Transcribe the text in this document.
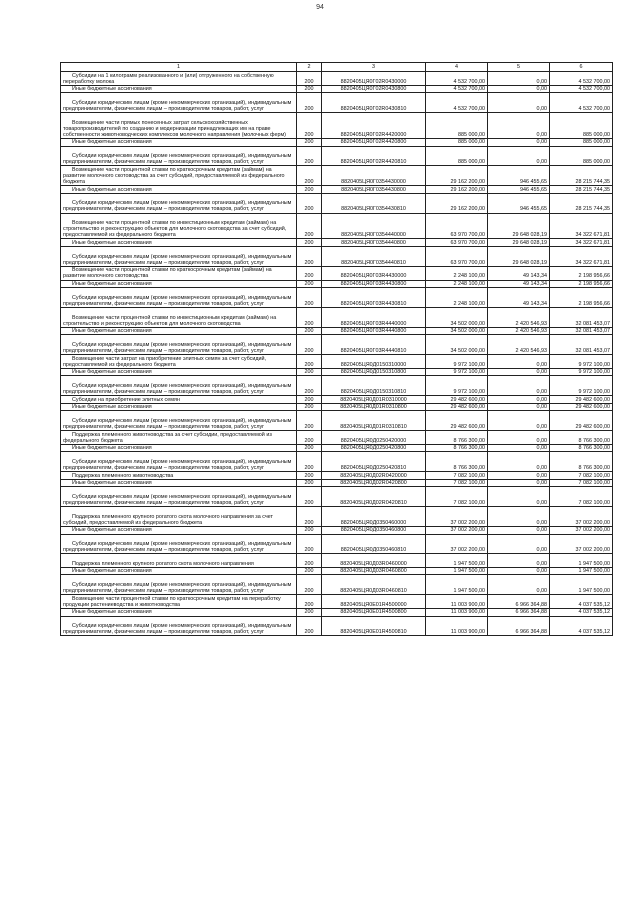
94
1	2	3	4	5	6
Субсидии на 1 килограмм реализованного и (или) отгруженного на собственную переработку молока	200	8820405ЦЯ0Г02R0430000	4 532 700,00	0,00	4 532 700,00
Иные бюджетные ассигнования	200	8820405ЦЯ0Г02R0430800	4 532 700,00	0,00	4 532 700,00
Субсидии юридическим лицам (кроме некоммерческих организаций), индивидуальным предпринимателям, физическим лицам – производителям товаров, работ, услуг	200	8820405ЦЯ0Г02R0430810	4 532 700,00	0,00	4 532 700,00
Возмещение части прямых понесенных затрат сельскохозяйственных товаропроизводителей по созданию и модернизации принадлежащих им на праве собственности животноводческих комплексов молочного направления (молочных ферм)	200	8820405ЦЯ0Г02R4420000	885 000,00	0,00	885 000,00
Иные бюджетные ассигнования	200	8820405ЦЯ0Г02R4420800	885 000,00	0,00	885 000,00
Субсидии юридическим лицам (кроме некоммерческих организаций), индивидуальным предпринимателям, физическим лицам – производителям товаров, работ, услуг	200	8820405ЦЯ0Г02R4420810	885 000,00	0,00	885 000,00
Возмещение части процентной ставки по краткосрочным кредитам (займам) на развитие молочного скотоводства за счет субсидий, предоставляемой из федерального бюджета	200	8820405ЦЯ0Г0354430000	29 162 200,00	946 455,65	28 215 744,35
Иные бюджетные ассигнования	200	8820405ЦЯ0Г0354430800	29 162 200,00	946 455,65	28 215 744,35
Субсидии юридическим лицам (кроме некоммерческих организаций), индивидуальным предпринимателям, физическим лицам – производителям товаров, работ, услуг	200	8820405ЦЯ0Г0354430810	29 162 200,00	946 455,65	28 215 744,35
Возмещение части процентной ставки по инвестиционным кредитам (займам) на строительство и реконструкцию объектов для молочного скотоводства за счет субсидий, предоставляемой из федерального бюджета	200	8820405ЦЯ0Г0354440000	63 970 700,00	29 648 028,19	34 322 671,81
Иные бюджетные ассигнования	200	8820405ЦЯ0Г0354440800	63 970 700,00	29 648 028,19	34 322 671,81
Субсидии юридическим лицам (кроме некоммерческих организаций), индивидуальным предпринимателям, физическим лицам – производителям товаров, работ, услуг	200	8820405ЦЯ0Г0354440810	63 970 700,00	29 648 028,19	34 322 671,81
Возмещение части процентной ставки по краткосрочным кредитам (займам) на развитие молочного скотоводства	200	8820405ЦЯ0Г03R4430000	2 248 100,00	49 143,34	2 198 956,66
Иные бюджетные ассигнования	200	8820405ЦЯ0Г03R4430800	2 248 100,00	49 143,34	2 198 956,66
Субсидии юридическим лицам (кроме некоммерческих организаций), индивидуальным предпринимателям, физическим лицам – производителям товаров, работ, услуг	200	8820405ЦЯ0Г03R4430810	2 248 100,00	49 143,34	2 198 956,66
Возмещение части процентной ставки по инвестиционным кредитам (займам) на строительство и реконструкцию объектов для молочного скотоводства	200	8820405ЦЯ0Г03R4440000	34 502 000,00	2 420 546,93	32 081 453,07
Иные бюджетные ассигнования	200	8820405ЦЯ0Г03R4440800	34 502 000,00	2 420 546,93	32 081 453,07
Субсидии юридическим лицам (кроме некоммерческих организаций), индивидуальным предпринимателям, физическим лицам – производителям товаров, работ, услуг	200	8820405ЦЯ0Г03R4440810	34 502 000,00	2 420 546,93	32 081 453,07
Возмещение части затрат на приобретение элитных семян за счет субсидий, предоставляемой из федерального бюджета	200	8820405ЦЯ0Д0150310000	9 972 100,00	0,00	9 972 100,00
Иные бюджетные ассигнования	200	8820405ЦЯ0Д0150310800	9 972 100,00	0,00	9 972 100,00
Субсидии юридическим лицам (кроме некоммерческих организаций), индивидуальным предпринимателям, физическим лицам – производителям товаров, работ, услуг	200	8820405ЦЯ0Д0150310810	9 972 100,00	0,00	9 972 100,00
Субсидии на приобретение элитных семян	200	8820405ЦЯ0Д01R0310000	29 482 600,00	0,00	29 482 600,00
Иные бюджетные ассигнования	200	8820405ЦЯ0Д01R0310800	29 482 600,00	0,00	29 482 600,00
Субсидии юридическим лицам (кроме некоммерческих организаций), индивидуальным предпринимателям, физическим лицам – производителям товаров, работ, услуг	200	8820405ЦЯ0Д01R0310810	29 482 600,00	0,00	29 482 600,00
Поддержка племенного животноводства за счет субсидии, предоставляемой из федерального бюджета	200	8820405ЦЯ0Д0250420000	8 766 300,00	0,00	8 766 300,00
Иные бюджетные ассигнования	200	8820405ЦЯ0Д0250420800	8 766 300,00	0,00	8 766 300,00
Субсидии юридическим лицам (кроме некоммерческих организаций), индивидуальным предпринимателям, физическим лицам – производителям товаров, работ, услуг	200	8820405ЦЯ0Д0250420810	8 766 300,00	0,00	8 766 300,00
Поддержка племенного животноводства	200	8820405ЦЯ0Д02R0420000	7 082 100,00	0,00	7 082 100,00
Иные бюджетные ассигнования	200	8820405ЦЯ0Д02R0420800	7 082 100,00	0,00	7 082 100,00
Субсидии юридическим лицам (кроме некоммерческих организаций), индивидуальным предпринимателям, физическим лицам – производителям товаров, работ, услуг	200	8820405ЦЯ0Д02R0420810	7 082 100,00	0,00	7 082 100,00
Поддержка племенного крупного рогатого скота молочного направления за счет субсидий, предоставляемой из федерального бюджета	200	8820405ЦЯ0Д0350460000	37 002 200,00	0,00	37 002 200,00
Иные бюджетные ассигнования	200	8820405ЦЯ0Д0350460800	37 002 200,00	0,00	37 002 200,00
Субсидии юридическим лицам (кроме некоммерческих организаций), индивидуальным предпринимателям, физическим лицам – производителям товаров, работ, услуг	200	8820405ЦЯ0Д0350460810	37 002 200,00	0,00	37 002 200,00
Поддержка племенного крупного рогатого скота молочного направления	200	8820405ЦЯ0Д03R0460000	1 947 500,00	0,00	1 947 500,00
Иные бюджетные ассигнования	200	8820405ЦЯ0Д03R0460800	1 947 500,00	0,00	1 947 500,00
Субсидии юридическим лицам (кроме некоммерческих организаций), индивидуальным предпринимателям, физическим лицам – производителям товаров, работ, услуг	200	8820405ЦЯ0Д03R0460810	1 947 500,00	0,00	1 947 500,00
Возмещение части процентной ставки по краткосрочным кредитам на переработку продукции растениеводства и животноводства	200	8820405ЦЯ0Е01R4500000	11 003 900,00	6 966 364,88	4 037 535,12
Иные бюджетные ассигнования	200	8820405ЦЯ0Е01R4500800	11 003 900,00	6 966 364,88	4 037 535,12
Субсидии юридическим лицам (кроме некоммерческих организаций), индивидуальным предпринимателям, физическим лицам – производителям товаров, работ, услуг	200	8820405ЦЯ0Е01R4500810	11 003 900,00	6 966 364,88	4 037 535,12
